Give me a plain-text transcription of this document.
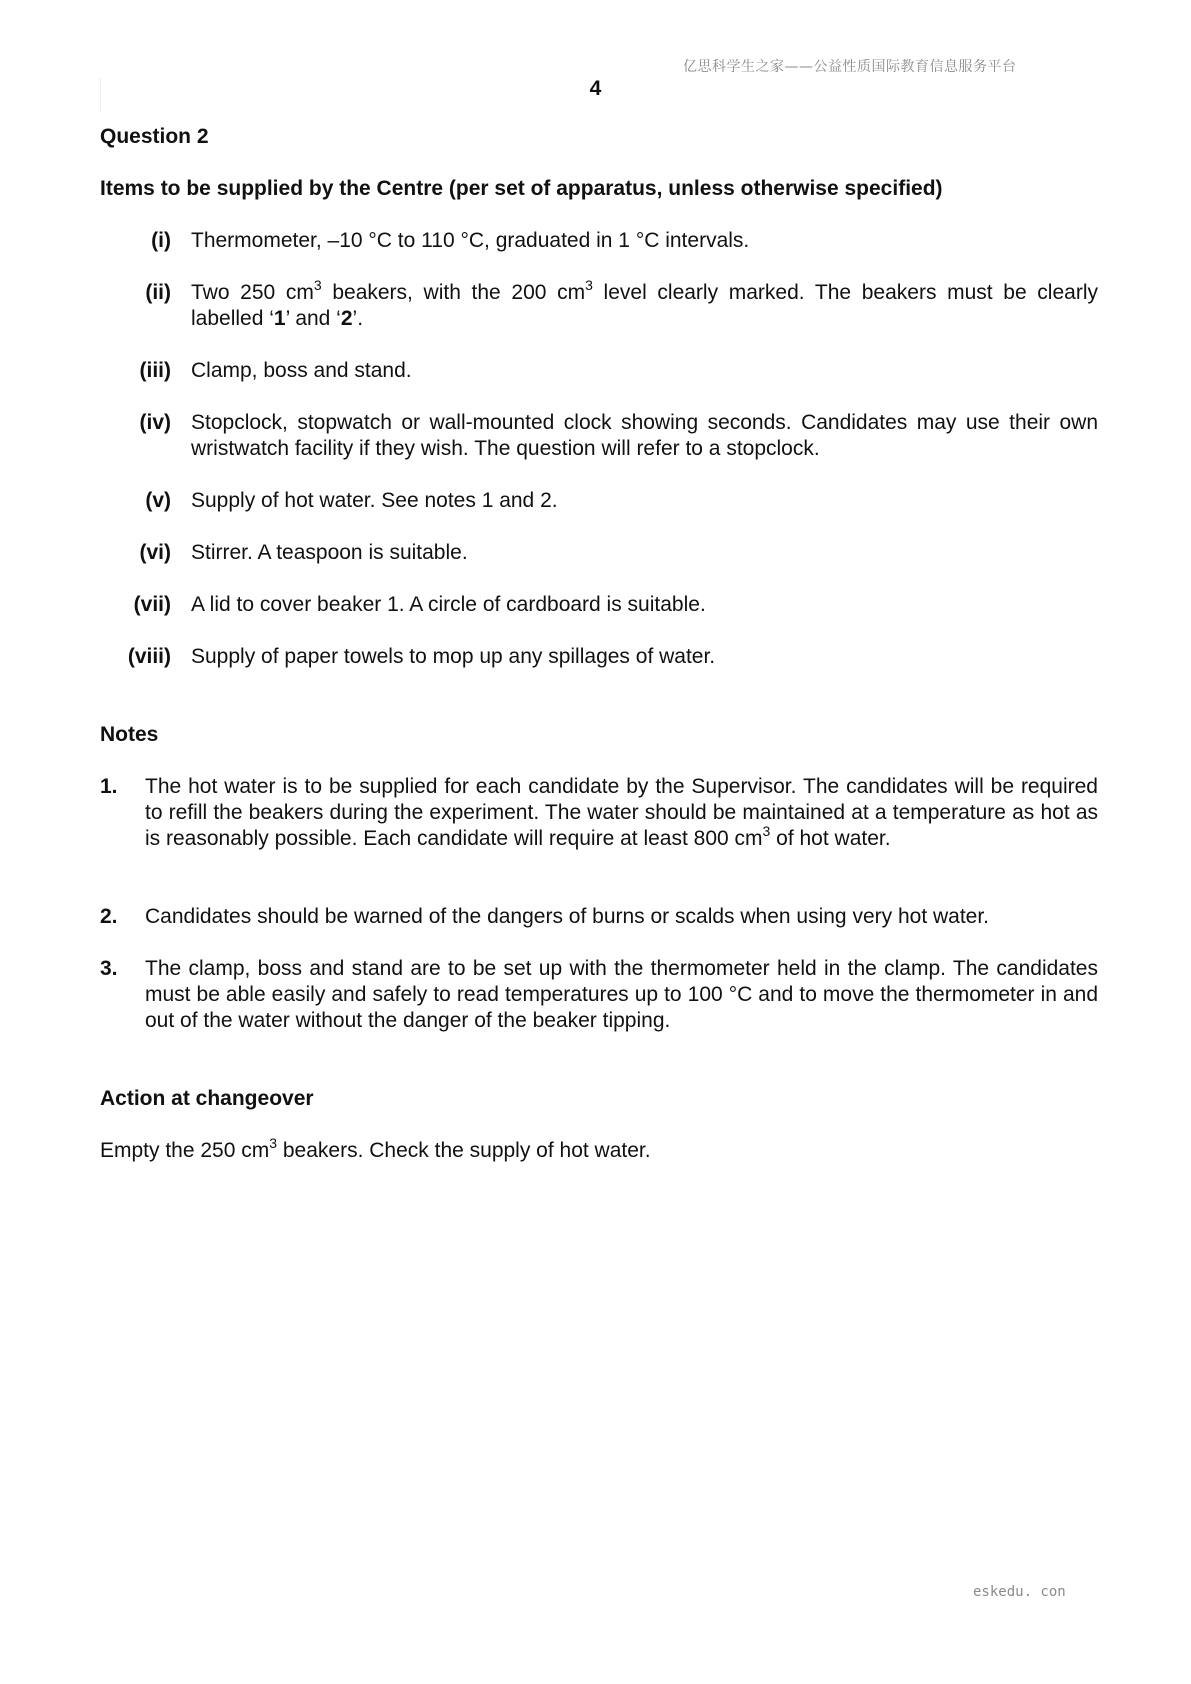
亿思科学生之家——公益性质国际教育信息服务平台
4
Question 2
Items to be supplied by the Centre (per set of apparatus, unless otherwise specified)
(i) Thermometer, –10 °C to 110 °C, graduated in 1 °C intervals.
(ii) Two 250 $cm^3$ beakers, with the 200 $cm^3$ level clearly marked. The beakers must be clearly labelled ‘1’ and ‘2’.
(iii) Clamp, boss and stand.
(iv) Stopclock, stopwatch or wall-mounted clock showing seconds. Candidates may use their own wristwatch facility if they wish. The question will refer to a stopclock.
(v) Supply of hot water. See notes 1 and 2.
(vi) Stirrer. A teaspoon is suitable.
(vii) A lid to cover beaker 1. A circle of cardboard is suitable.
(viii) Supply of paper towels to mop up any spillages of water.
Notes
1. The hot water is to be supplied for each candidate by the Supervisor. The candidates will be required to refill the beakers during the experiment. The water should be maintained at a temperature as hot as is reasonably possible. Each candidate will require at least 800 $cm^3$ of hot water.
2. Candidates should be warned of the dangers of burns or scalds when using very hot water.
3. The clamp, boss and stand are to be set up with the thermometer held in the clamp. The candidates must be able easily and safely to read temperatures up to 100 °C and to move the thermometer in and out of the water without the danger of the beaker tipping.
Action at changeover
Empty the 250 $cm^3$ beakers. Check the supply of hot water.
eskedu. con
